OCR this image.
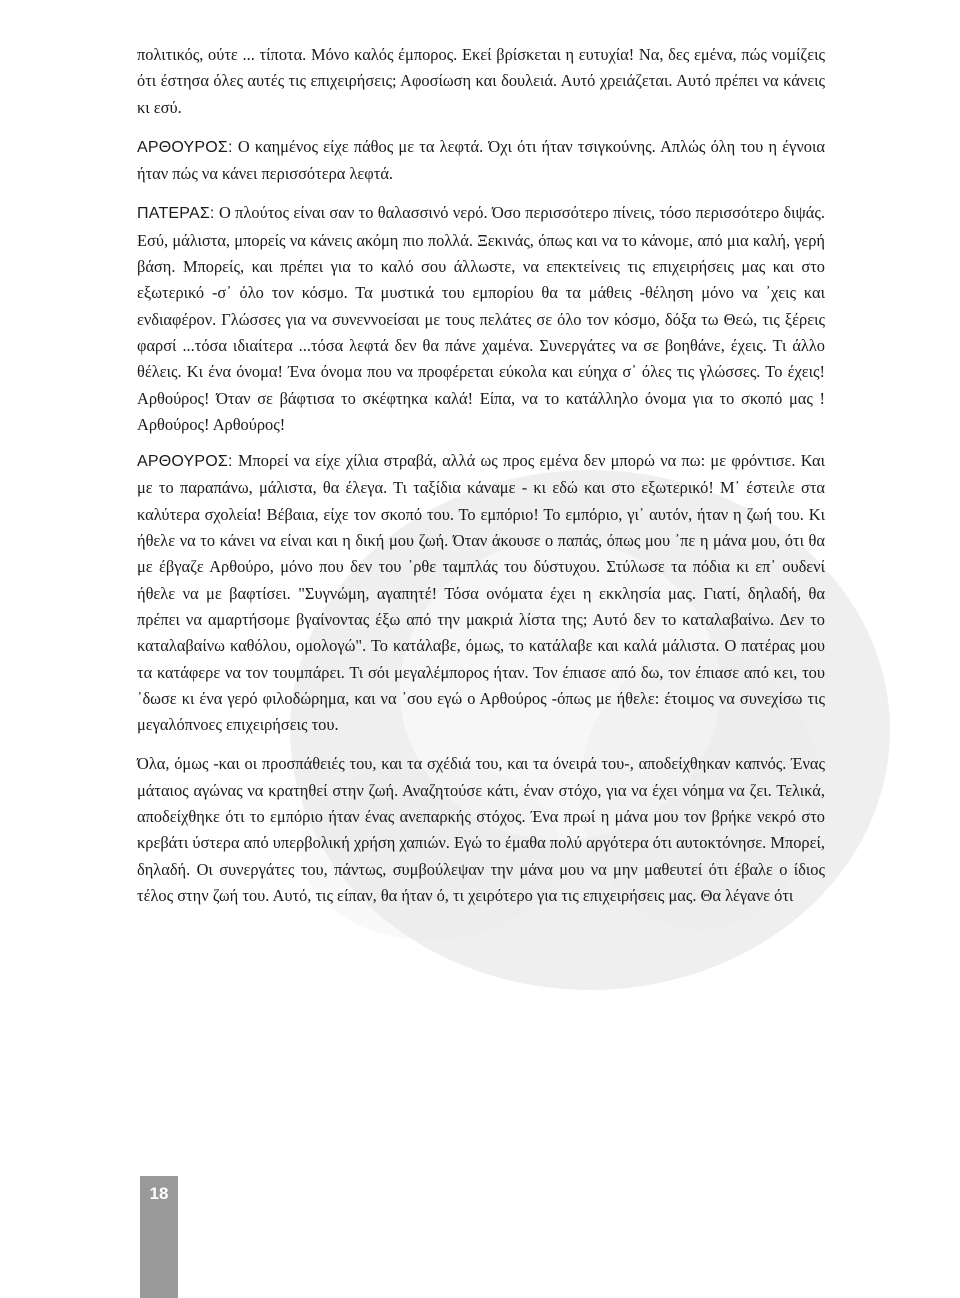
πολιτικός, ούτε ... τίποτα. Μόνο καλός έμπορος. Εκεί βρίσκεται η ευτυχία! Να, δες εμένα, πώς νομίζεις ότι έστησα όλες αυτές τις επιχειρήσεις; Αφοσίωση και δουλειά. Αυτό χρειάζεται. Αυτό πρέπει να κάνεις κι εσύ.

ΑΡΘΟΥΡΟΣ: Ο καημένος είχε πάθος με τα λεφτά. Όχι ότι ήταν τσιγκούνης. Απλώς όλη του η έγνοια ήταν πώς να κάνει περισσότερα λεφτά.

ΠΑΤΕΡΑΣ: Ο πλούτος είναι σαν το θαλασσινό νερό. Όσο περισσότερο πίνεις, τόσο περισσότερο διψάς. Εσύ, μάλιστα, μπορείς να κάνεις ακόμη πιο πολλά. Ξεκινάς, όπως και να το κάνομε, από μια καλή, γερή βάση. Μπορείς, και πρέπει για το καλό σου άλλωστε, να επεκτείνεις τις επιχειρήσεις μας και στο εξωτερικό -σ᾽ όλο τον κόσμο. Τα μυστικά του εμπορίου θα τα μάθεις -θέληση μόνο να ᾽χεις και ενδιαφέρον. Γλώσσες για να συνεννοείσαι με τους πελάτες σε όλο τον κόσμο, δόξα τω Θεώ, τις ξέρεις φαρσί ...τόσα ιδιαίτερα ...τόσα λεφτά δεν θα πάνε χαμένα. Συνεργάτες να σε βοηθάνε, έχεις. Τι άλλο θέλεις. Κι ένα όνομα! Ένα όνομα που να προφέρεται εύκολα και εύηχα σ᾽ όλες τις γλώσσες. Το έχεις! Αρθούρος! Όταν σε βάφτισα το σκέφτηκα καλά! Είπα, να το κατάλληλο όνομα για το σκοπό μας ! Αρθούρος! Αρθούρος!

ΑΡΘΟΥΡΟΣ: Μπορεί να είχε χίλια στραβά, αλλά ως προς εμένα δεν μπορώ να πω: με φρόντισε. Και με το παραπάνω, μάλιστα, θα έλεγα. Τι ταξίδια κάναμε - κι εδώ και στο εξωτερικό! Μ᾽ έστειλε στα καλύτερα σχολεία! Βέβαια, είχε τον σκοπό του. Το εμπόριο! Το εμπόριο, γι᾽ αυτόν, ήταν η ζωή του. Κι ήθελε να το κάνει να είναι και η δική μου ζωή. Όταν άκουσε ο παπάς, όπως μου ᾽πε η μάνα μου, ότι θα με έβγαζε Αρθούρο, μόνο που δεν του ᾽ρθε ταμπλάς του δύστυχου. Στύλωσε τα πόδια κι επ᾽ ουδενί ήθελε να με βαφτίσει. "Συγνώμη, αγαπητέ! Τόσα ονόματα έχει η εκκλησία μας. Γιατί, δηλαδή, θα πρέπει να αμαρτήσομε βγαίνοντας έξω από την μακριά λίστα της; Αυτό δεν το καταλαβαίνω. Δεν το καταλαβαίνω καθόλου, ομολογώ". Το κατάλαβε, όμως, το κατάλαβε και καλά μάλιστα. Ο πατέρας μου τα κατάφερε να τον τουμπάρει. Τι σόι μεγαλέμπορος ήταν. Τον έπιασε από δω, τον έπιασε από κει, του ᾽δωσε κι ένα γερό φιλοδώρημα, και να ᾽σου εγώ ο Αρθούρος -όπως με ήθελε: έτοιμος να συνεχίσω τις μεγαλόπνοες επιχειρήσεις του.

Όλα, όμως -και οι προσπάθειές του, και τα σχέδιά του, και τα όνειρά του-, αποδείχθηκαν καπνός. Ένας μάταιος αγώνας να κρατηθεί στην ζωή. Αναζητούσε κάτι, έναν στόχο, για να έχει νόημα να ζει. Τελικά, αποδείχθηκε ότι το εμπόριο ήταν ένας ανεπαρκής στόχος. Ένα πρωί η μάνα μου τον βρήκε νεκρό στο κρεβάτι ύστερα από υπερβολική χρήση χαπιών. Εγώ το έμαθα πολύ αργότερα ότι αυτοκτόνησε. Μπορεί, δηλαδή. Οι συνεργάτες του, πάντως, συμβούλεψαν την μάνα μου να μην μαθευτεί ότι έβαλε ο ίδιος τέλος στην ζωή του. Αυτό, τις είπαν, θα ήταν ό, τι χειρότερο για τις επιχειρήσεις μας. Θα λέγανε ότι

18
